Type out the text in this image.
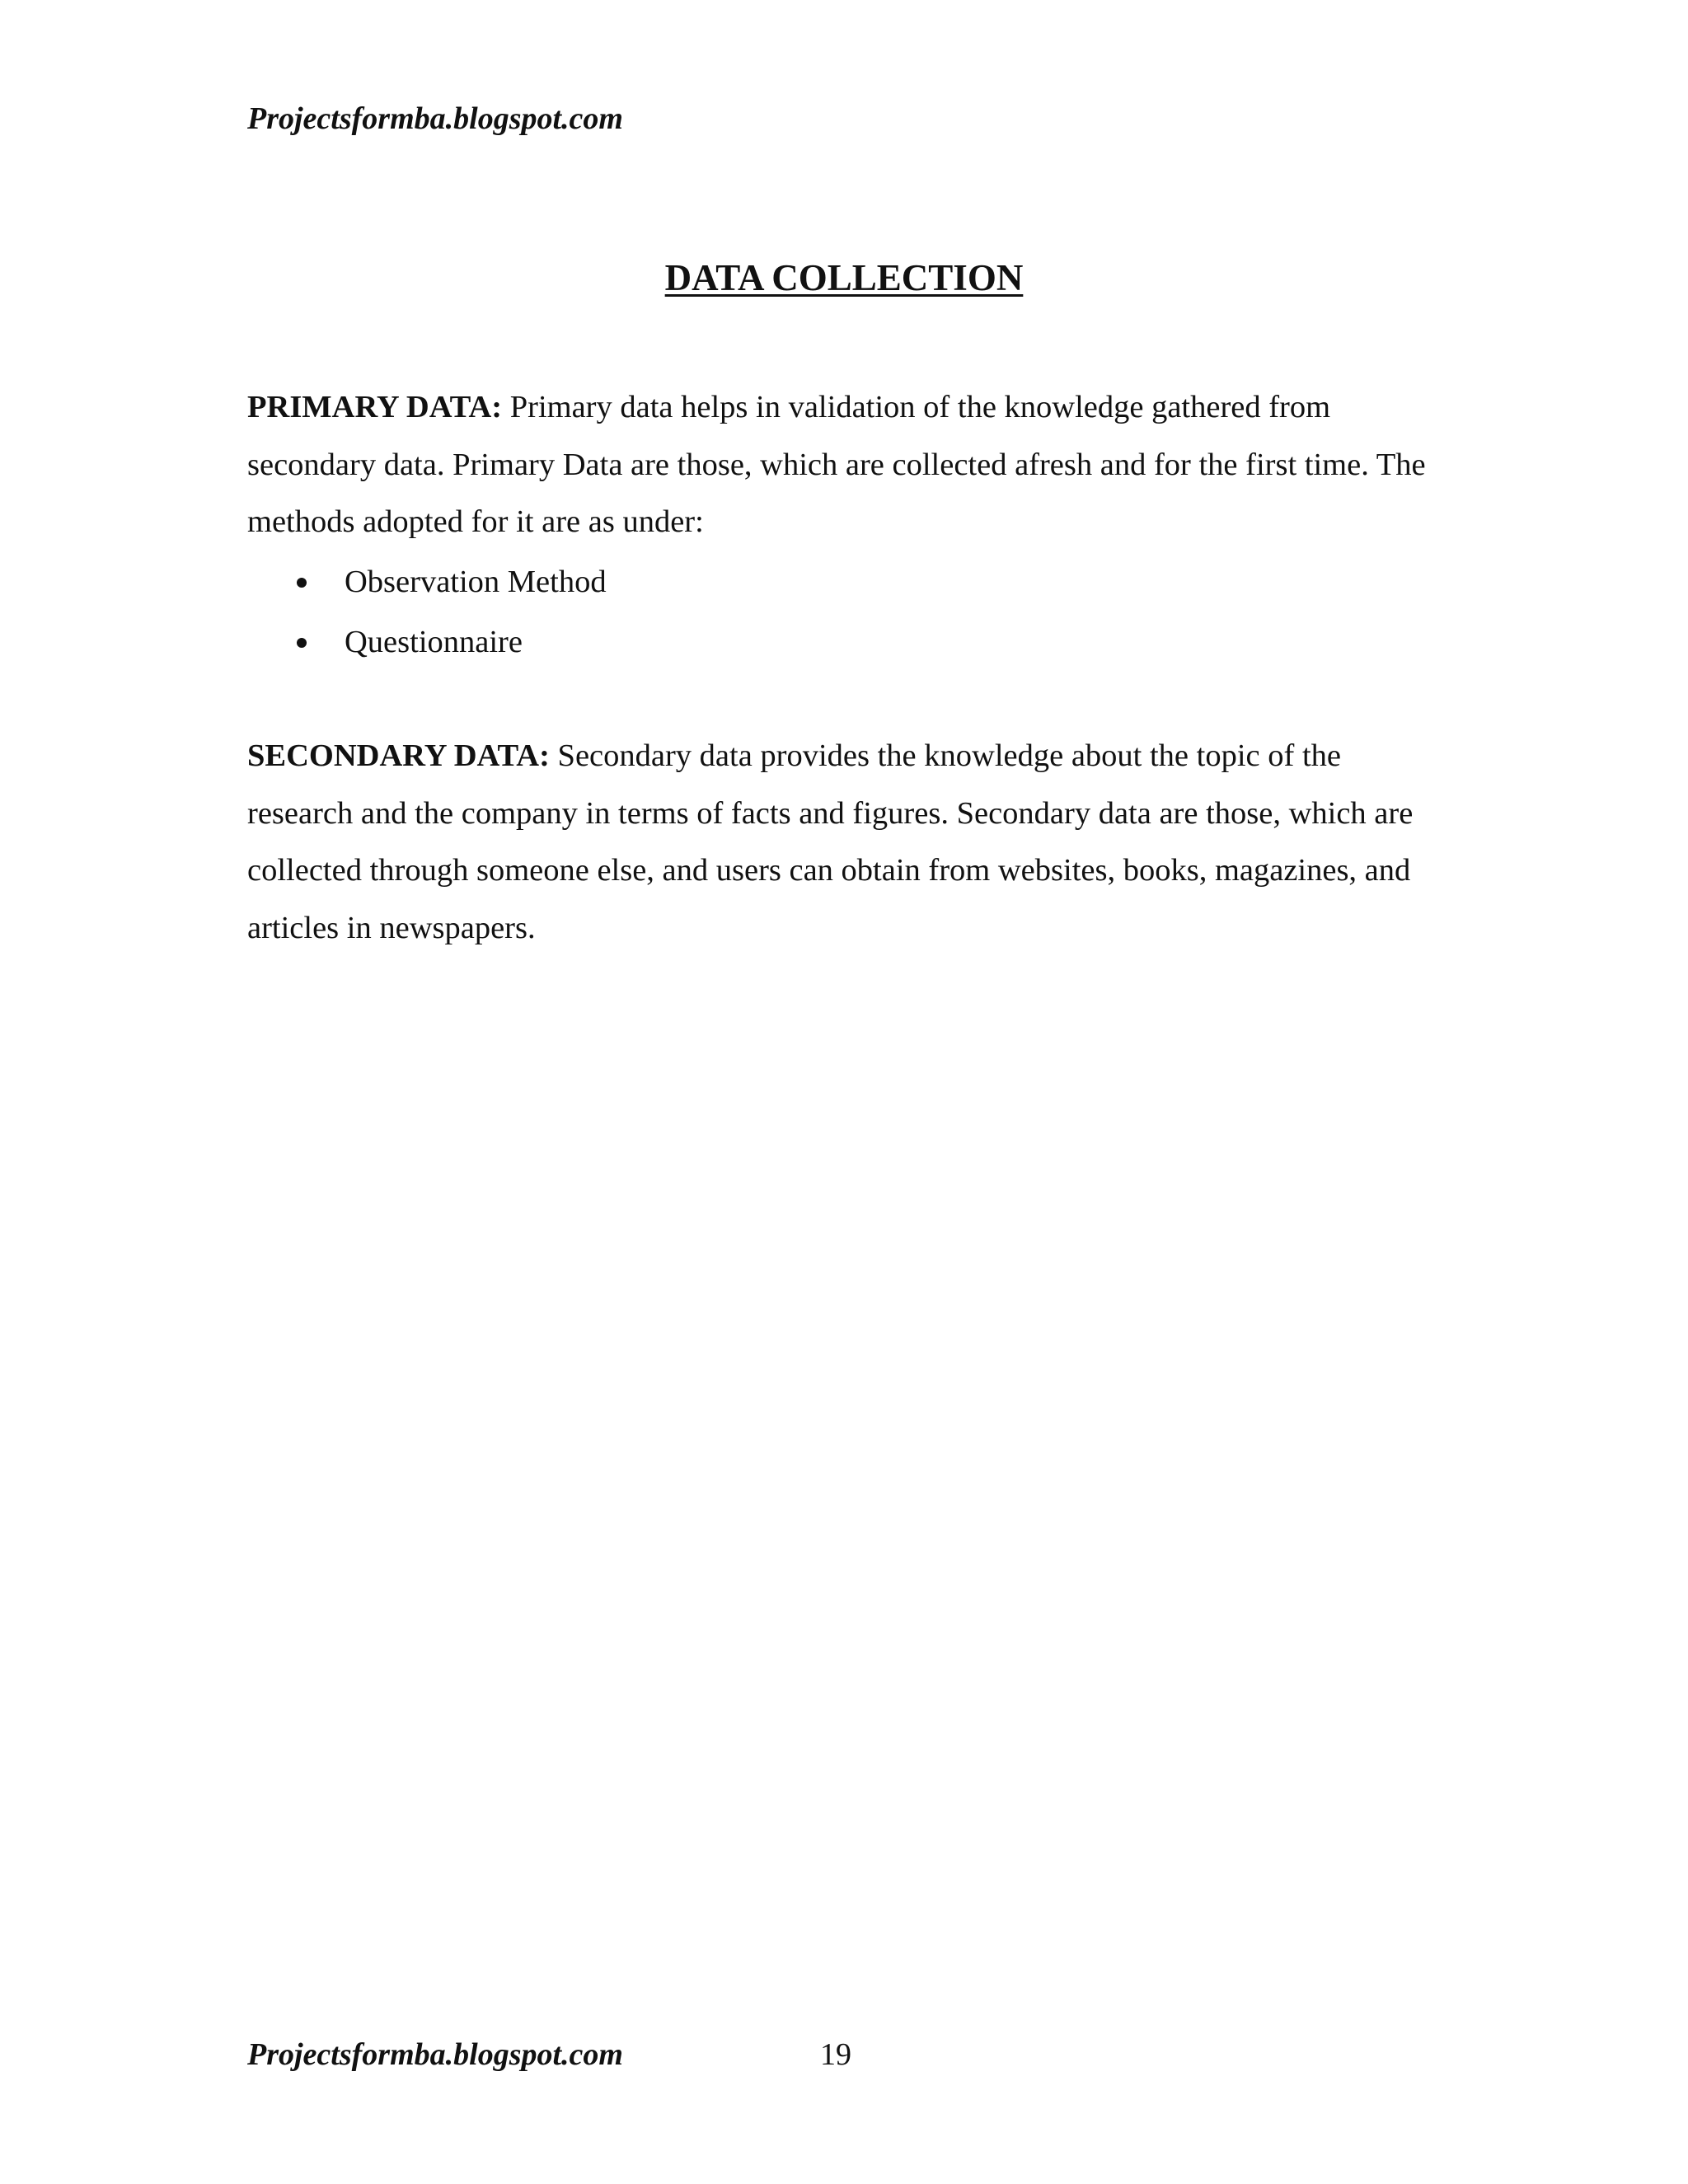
Projectsformba.blogspot.com

DATA COLLECTION

PRIMARY DATA: Primary data helps in validation of the knowledge gathered from secondary data. Primary Data are those, which are collected afresh and for the first time. The methods adopted for it are as under:

Observation Method
Questionnaire

SECONDARY DATA: Secondary data provides the knowledge about the topic of the research and the company in terms of facts and figures. Secondary data are those, which are collected through someone else, and users can obtain from websites, books, magazines, and articles in newspapers.

Projectsformba.blogspot.com	19
